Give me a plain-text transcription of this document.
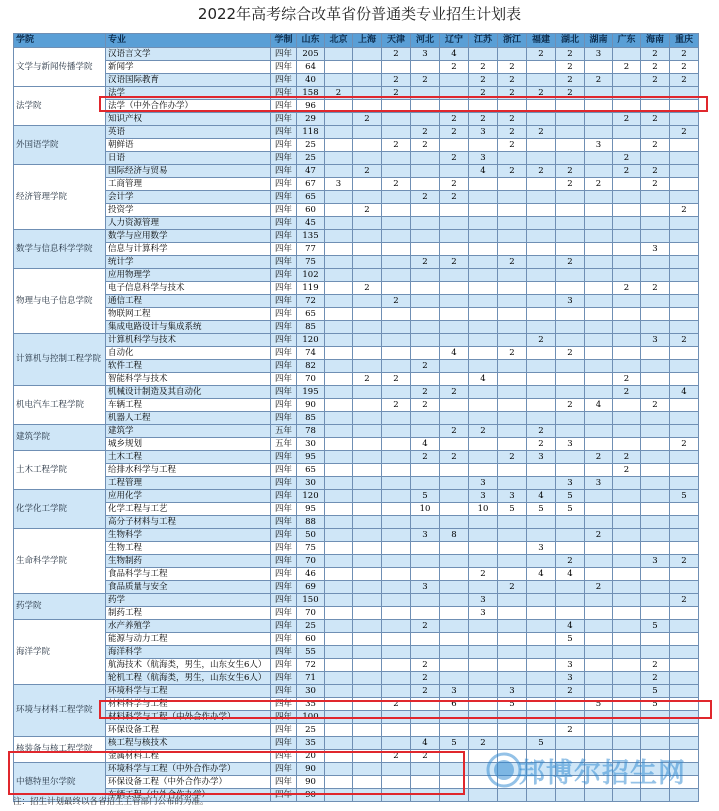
2022年高考综合改革省份普通类专业招生计划表
学院	专业	学制	山东	北京	上海	天津	河北	辽宁	江苏	浙江	福建	湖北	湖南	广东	海南	重庆
文学与新闻传播学院	汉语言文学	四年	205			2	3	4			2	2	3		2	2
	新闻学	四年	64					2	2	2		2		2	2	2
	汉语国际教育	四年	40			2	2		2	2		2	2		2	2
法学院	法学	四年	158	2		2			2	2	2	2				
	法学（中外合作办学）	四年	96													
	知识产权	四年	29		2			2	2	2				2	2	
外国语学院	英语	四年	118				2	2	3	2	2					2
	朝鲜语	四年	25			2	2			2			3		2	
	日语	四年	25					2	3					2		
经济管理学院	国际经济与贸易	四年	47		2				4	2	2	2		2	2	
	工商管理	四年	67	3		2		2				2	2		2	
	会计学	四年	65				2	2								
	投资学	四年	60		2											2
	人力资源管理	四年	45													
数学与信息科学学院	数学与应用数学	四年	135													
	信息与计算科学	四年	77												3	
	统计学	四年	75				2	2		2		2				
物理与电子信息学院	应用物理学	四年	102													
	电子信息科学与技术	四年	119		2									2	2	
	通信工程	四年	72			2						3				
	物联网工程	四年	65													
	集成电路设计与集成系统	四年	85													
计算机与控制工程学院	计算机科学与技术	四年	120								2				3	2
	自动化	四年	74					4		2		2				
	软件工程	四年	82				2									
	智能科学与技术	四年	70		2	2			4					2		
机电汽车工程学院	机械设计制造及其自动化	四年	195				2	2						2		4
	车辆工程	四年	90			2	2					2	4		2	
	机器人工程	四年	85													
建筑学院	建筑学	五年	78					2	2		2					
	城乡规划	五年	30				4				2	3				2
土木工程学院	土木工程	四年	95				2	2		2	3		2	2		
	给排水科学与工程	四年	65											2		
	工程管理	四年	30						3			3	3			
化学化工学院	应用化学	四年	120				5		3	3	4	5				5
	化学工程与工艺	四年	95				10		10	5	5	5				
	高分子材料与工程	四年	88													
生命科学学院	生物科学	四年	50				3	8					2			
	生物工程	四年	75								3					
	生物制药	四年	70									2			3	2
	食品科学与工程	四年	46						2		4	4				
	食品质量与安全	四年	69				3			2			2			
药学院	药学	四年	150						3							2
	制药工程	四年	70						3							
海洋学院	水产养殖学	四年	25				2					4			5	
	能源与动力工程	四年	60									5				
	海洋科学	四年	55													
	航海技术（航海类，男生，山东女生6人）	四年	72				2					3			2	
	轮机工程（航海类，男生，山东女生6人）	四年	71				2					3			2	
环境与材料工程学院	环境科学与工程	四年	30				2	3		3		2			5	
	材料科学与工程	四年	35			2		6		5			5		5	
	材料科学与工程（中外合作办学）	四年	100													
	环保设备工程	四年	25									2				
核装备与核工程学院	核工程与核技术	四年	35				4	5	2		5					
	金属材料工程	四年	20			2	2									
中德特里尔学院	环境科学与工程（中外合作办学）	四年	90													
	环保设备工程（中外合作办学）	四年	90													
	车辆工程（中外合作办学）	四年	90													
邦博尔招生网
注：招生计划最终以各省招生主管部门公布的为准。
